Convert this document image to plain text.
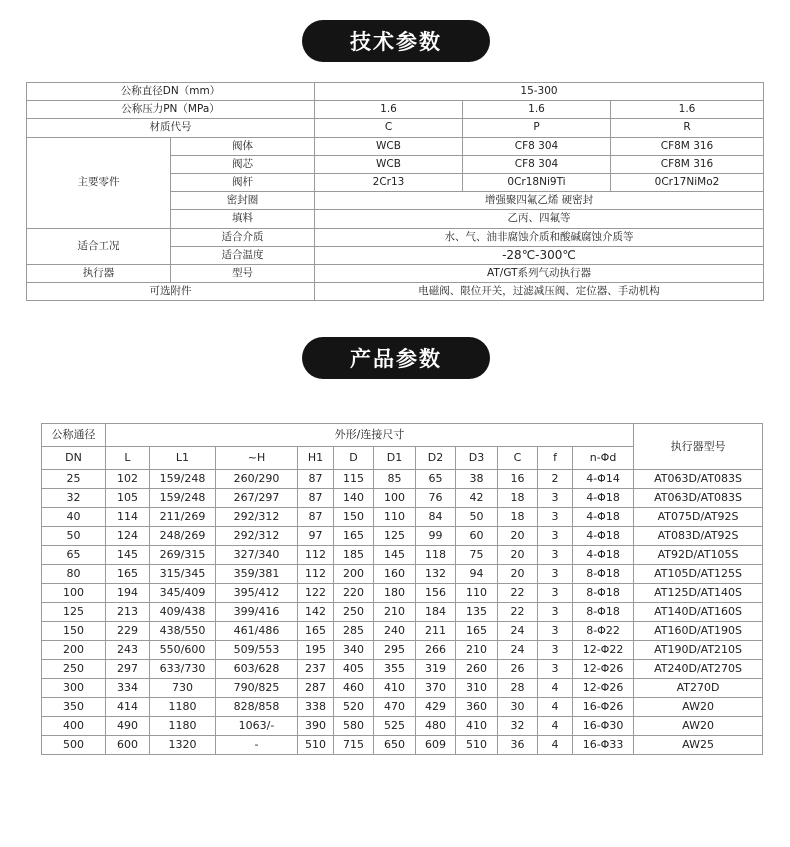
技术参数
公称直径DN（mm）		15-300		
公称压力PN（MPa）		1.6	1.6	1.6
材质代号		C	P	R
主要零件	阀体	WCB	CF8 304	CF8M 316
	阀芯	WCB	CF8 304	CF8M 316
	阀杆	2Cr13	0Cr18Ni9Ti	0Cr17NiMo2
	密封圈	增强聚四氟乙烯 硬密封		
	填料	乙丙、四氟等		
适合工况	适合介质	水、气、油非腐蚀介质和酸碱腐蚀介质等		
	适合温度	-28℃-300℃		
执行器	型号	AT/GT系列气动执行器		
可选附件		电磁阀、限位开关，过滤减压阀、定位器、手动机构		
产品参数
公称通径	外形/连接尺寸											执行器型号
DN	L	L1	~H	H1	D	D1	D2	D3	C	f	n-Φd	
25	102	159/248	260/290	87	115	85	65	38	16	2	4-Φ14	AT063D/AT083S
32	105	159/248	267/297	87	140	100	76	42	18	3	4-Φ18	AT063D/AT083S
40	114	211/269	292/312	87	150	110	84	50	18	3	4-Φ18	AT075D/AT92S
50	124	248/269	292/312	97	165	125	99	60	20	3	4-Φ18	AT083D/AT92S
65	145	269/315	327/340	112	185	145	118	75	20	3	4-Φ18	AT92D/AT105S
80	165	315/345	359/381	112	200	160	132	94	20	3	8-Φ18	AT105D/AT125S
100	194	345/409	395/412	122	220	180	156	110	22	3	8-Φ18	AT125D/AT140S
125	213	409/438	399/416	142	250	210	184	135	22	3	8-Φ18	AT140D/AT160S
150	229	438/550	461/486	165	285	240	211	165	24	3	8-Φ22	AT160D/AT190S
200	243	550/600	509/553	195	340	295	266	210	24	3	12-Φ22	AT190D/AT210S
250	297	633/730	603/628	237	405	355	319	260	26	3	12-Φ26	AT240D/AT270S
300	334	730	790/825	287	460	410	370	310	28	4	12-Φ26	AT270D
350	414	1180	828/858	338	520	470	429	360	30	4	16-Φ26	AW20
400	490	1180	1063/-	390	580	525	480	410	32	4	16-Φ30	AW20
500	600	1320	-	510	715	650	609	510	36	4	16-Φ33	AW25
